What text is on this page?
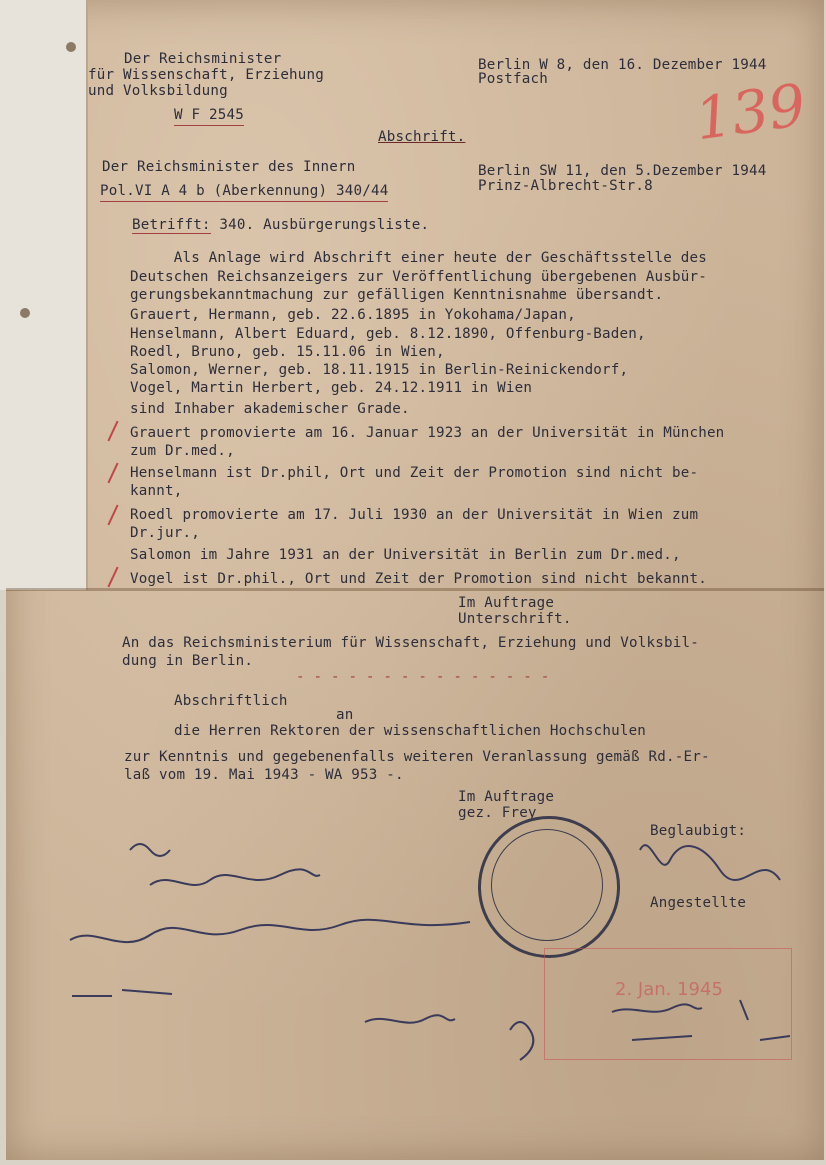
Der Reichsminister
für Wissenschaft, Erziehung
und Volksbildung
W F 2545
Berlin W 8, den 16. Dezember 1944
Postfach 139
Abschrift.
Der Reichsminister des Innern
Pol.VI A 4 b (Aberkennung) 340/44
Berlin SW 11, den 5.Dezember 1944
Prinz-Albrecht-Str.8
Betrifft: 340. Ausbürgerungsliste.
Als Anlage wird Abschrift einer heute der Geschäftsstelle des
Deutschen Reichsanzeigers zur Veröffentlichung übergebenen Ausbür-
gerungsbekanntmachung zur gefälligen Kenntnisnahme übersandt.
Grauert, Hermann, geb. 22.6.1895 in Yokohama/Japan,
Henselmann, Albert Eduard, geb. 8.12.1890, Offenburg-Baden,
Roedl, Bruno, geb. 15.11.06 in Wien,
Salomon, Werner, geb. 18.11.1915 in Berlin-Reinickendorf,
Vogel, Martin Herbert, geb. 24.12.1911 in Wien
sind Inhaber akademischer Grade.
Grauert promovierte am 16. Januar 1923 an der Universität in München
zum Dr.med.,
Henselmann ist Dr.phil, Ort und Zeit der Promotion sind nicht be-
kannt,
Roedl promovierte am 17. Juli 1930 an der Universität in Wien zum
Dr.jur.,
Salomon im Jahre 1931 an der Universität in Berlin zum Dr.med.,
Vogel ist Dr.phil., Ort und Zeit der Promotion sind nicht bekannt.
Im Auftrage
Unterschrift.
An das Reichsministerium für Wissenschaft, Erziehung und Volksbil-
dung in Berlin.
- - - - - - - - - - - - - - -
Abschriftlich
an
die Herren Rektoren der wissenschaftlichen Hochschulen
zur Kenntnis und gegebenenfalls weiteren Veranlassung gemäß Rd.-Er-
laß vom 19. Mai 1943 - WA 953 -.
Im Auftrage
gez. Frey
Beglaubigt:
Angestellte
2. Jan. 1945
